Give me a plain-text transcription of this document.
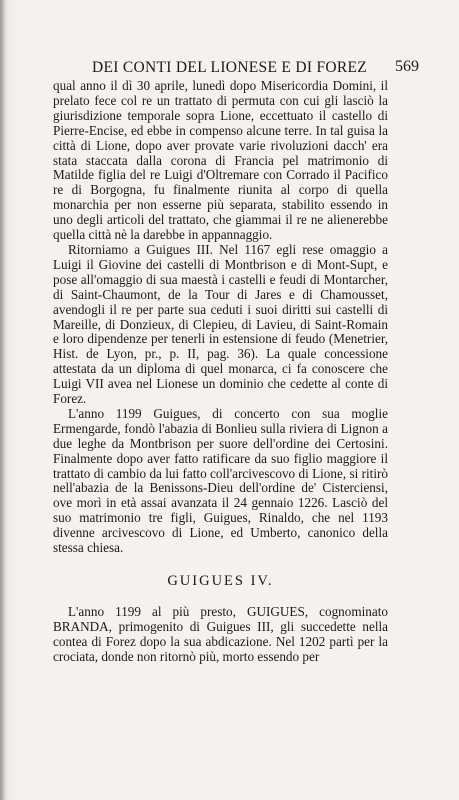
DEI CONTI DEL LIONESE E DI FOREZ 569

qual anno il dì 30 aprile, lunedì dopo Misericordia Domini, il prelato fece col re un trattato di permuta con cui gli lasciò la giurisdizione temporale sopra Lione, eccettuato il castello di Pierre-Encise, ed ebbe in compenso alcune terre. In tal guisa la città di Lione, dopo aver provate varie rivoluzioni dacch' era stata staccata dalla corona di Francia pel matrimonio di Matilde figlia del re Luigi d'Oltremare con Corrado il Pacifico re di Borgogna, fu finalmente riunita al corpo di quella monarchia per non esserne più separata, stabilito essendo in uno degli articoli del trattato, che giammai il re ne alienerebbe quella città nè la darebbe in appannaggio.

Ritorniamo a Guigues III. Nel 1167 egli rese omaggio a Luigi il Giovine dei castelli di Montbrison e di Mont-Supt, e pose all'omaggio di sua maestà i castelli e feudi di Montarcher, di Saint-Chaumont, de la Tour di Jares e di Chamousset, avendogli il re per parte sua ceduti i suoi diritti sui castelli di Mareille, di Donzieux, di Clepieu, di Lavieu, di Saint-Romain e loro dipendenze per tenerli in estensione di feudo (Menetrier, Hist. de Lyon, pr., p. II, pag. 36). La quale concessione attestata da un diploma di quel monarca, ci fa conoscere che Luigi VII avea nel Lionese un dominio che cedette al conte di Forez.

L'anno 1199 Guigues, di concerto con sua moglie Ermengarde, fondò l'abazia di Bonlieu sulla riviera di Lignon a due leghe da Montbrison per suore dell'ordine dei Certosini. Finalmente dopo aver fatto ratificare da suo figlio maggiore il trattato di cambio da lui fatto coll'arcivescovo di Lione, si ritirò nell'abazia de la Benissons-Dieu dell'ordine de' Cisterciensi, ove morì in età assai avanzata il 24 gennaio 1226. Lasciò del suo matrimonio tre figli, Guigues, Rinaldo, che nel 1193 divenne arcivescovo di Lione, ed Umberto, canonico della stessa chiesa.

GUIGUES IV.

L'anno 1199 al più presto, GUIGUES, cognominato BRANDA, primogenito di Guigues III, gli succedette nella contea di Forez dopo la sua abdicazione. Nel 1202 partì per la crociata, donde non ritornò più, morto essendo per
